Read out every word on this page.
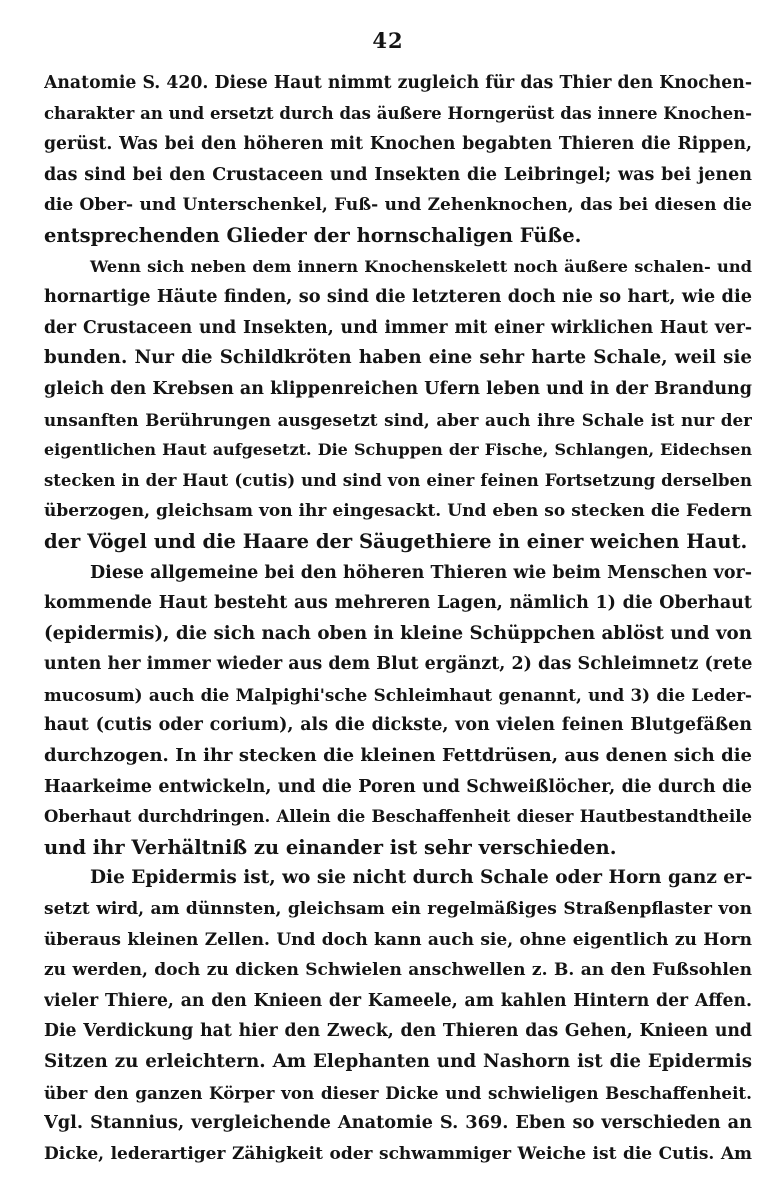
42
Anatomie S. 420. Diese Haut nimmt zugleich für das Thier den Knochen-
charakter an und ersetzt durch das äußere Horngerüst das innere Knochen-
gerüst. Was bei den höheren mit Knochen begabten Thieren die Rippen,
das sind bei den Crustaceen und Insekten die Leibringel; was bei jenen
die Ober- und Unterschenkel, Fuß- und Zehenknochen, das bei diesen die
entsprechenden Glieder der hornschaligen Füße.
Wenn sich neben dem innern Knochenskelett noch äußere schalen- und
hornartige Häute finden, so sind die letzteren doch nie so hart, wie die
der Crustaceen und Insekten, und immer mit einer wirklichen Haut ver-
bunden. Nur die Schildkröten haben eine sehr harte Schale, weil sie
gleich den Krebsen an klippenreichen Ufern leben und in der Brandung
unsanften Berührungen ausgesetzt sind, aber auch ihre Schale ist nur der
eigentlichen Haut aufgesetzt. Die Schuppen der Fische, Schlangen, Eidechsen
stecken in der Haut (cutis) und sind von einer feinen Fortsetzung derselben
überzogen, gleichsam von ihr eingesackt. Und eben so stecken die Federn
der Vögel und die Haare der Säugethiere in einer weichen Haut.
Diese allgemeine bei den höheren Thieren wie beim Menschen vor-
kommende Haut besteht aus mehreren Lagen, nämlich 1) die Oberhaut
(epidermis), die sich nach oben in kleine Schüppchen ablöst und von
unten her immer wieder aus dem Blut ergänzt, 2) das Schleimnetz (rete
mucosum) auch die Malpighi'sche Schleimhaut genannt, und 3) die Leder-
haut (cutis oder corium), als die dickste, von vielen feinen Blutgefäßen
durchzogen. In ihr stecken die kleinen Fettdrüsen, aus denen sich die
Haarkeime entwickeln, und die Poren und Schweißlöcher, die durch die
Oberhaut durchdringen. Allein die Beschaffenheit dieser Hautbestandtheile
und ihr Verhältniß zu einander ist sehr verschieden.
Die Epidermis ist, wo sie nicht durch Schale oder Horn ganz er-
setzt wird, am dünnsten, gleichsam ein regelmäßiges Straßenpflaster von
überaus kleinen Zellen. Und doch kann auch sie, ohne eigentlich zu Horn
zu werden, doch zu dicken Schwielen anschwellen z. B. an den Fußsohlen
vieler Thiere, an den Knieen der Kameele, am kahlen Hintern der Affen.
Die Verdickung hat hier den Zweck, den Thieren das Gehen, Knieen und
Sitzen zu erleichtern. Am Elephanten und Nashorn ist die Epidermis
über den ganzen Körper von dieser Dicke und schwieligen Beschaffenheit.
Vgl. Stannius, vergleichende Anatomie S. 369. Eben so verschieden an
Dicke, lederartiger Zähigkeit oder schwammiger Weiche ist die Cutis. Am
